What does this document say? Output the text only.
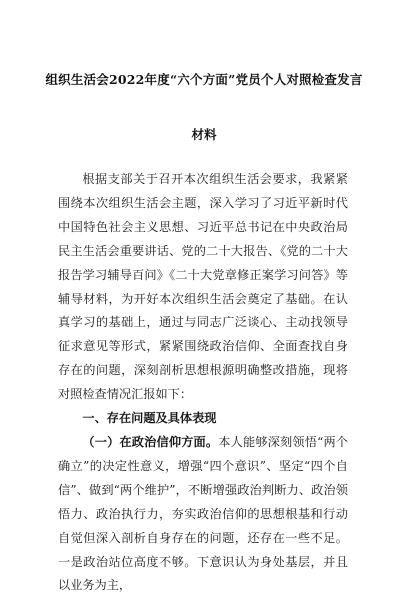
组织生活会2022年度“六个方面”党员个人对照检查发言
材料

根据支部关于召开本次组织生活会要求，我紧紧围绕本次组织生活会主题，深入学习了习近平新时代中国特色社会主义思想、习近平总书记在中央政治局民主生活会重要讲话、党的二十大报告、《党的二十大报告学习辅导百问》《二十大党章修正案学习问答》等辅导材料，为开好本次组织生活会奠定了基础。在认真学习的基础上，通过与同志广泛谈心、主动找领导征求意见等形式，紧紧围绕政治信仰、全面查找自身存在的问题，深刻剖析思想根源明确整改措施，现将对照检查情况汇报如下：

一、存在问题及具体表现

（一）在政治信仰方面。本人能够深刻领悟“两个确立”的决定性意义，增强“四个意识”、坚定“四个自信”、做到“两个维护”，不断增强政治判断力、政治领悟力、政治执行力，夯实政治信仰的思想根基和行动自觉但深入剖析自身存在的问题，还存在一些不足。一是政治站位高度不够。下意识认为身处基层，并且以业务为主，
